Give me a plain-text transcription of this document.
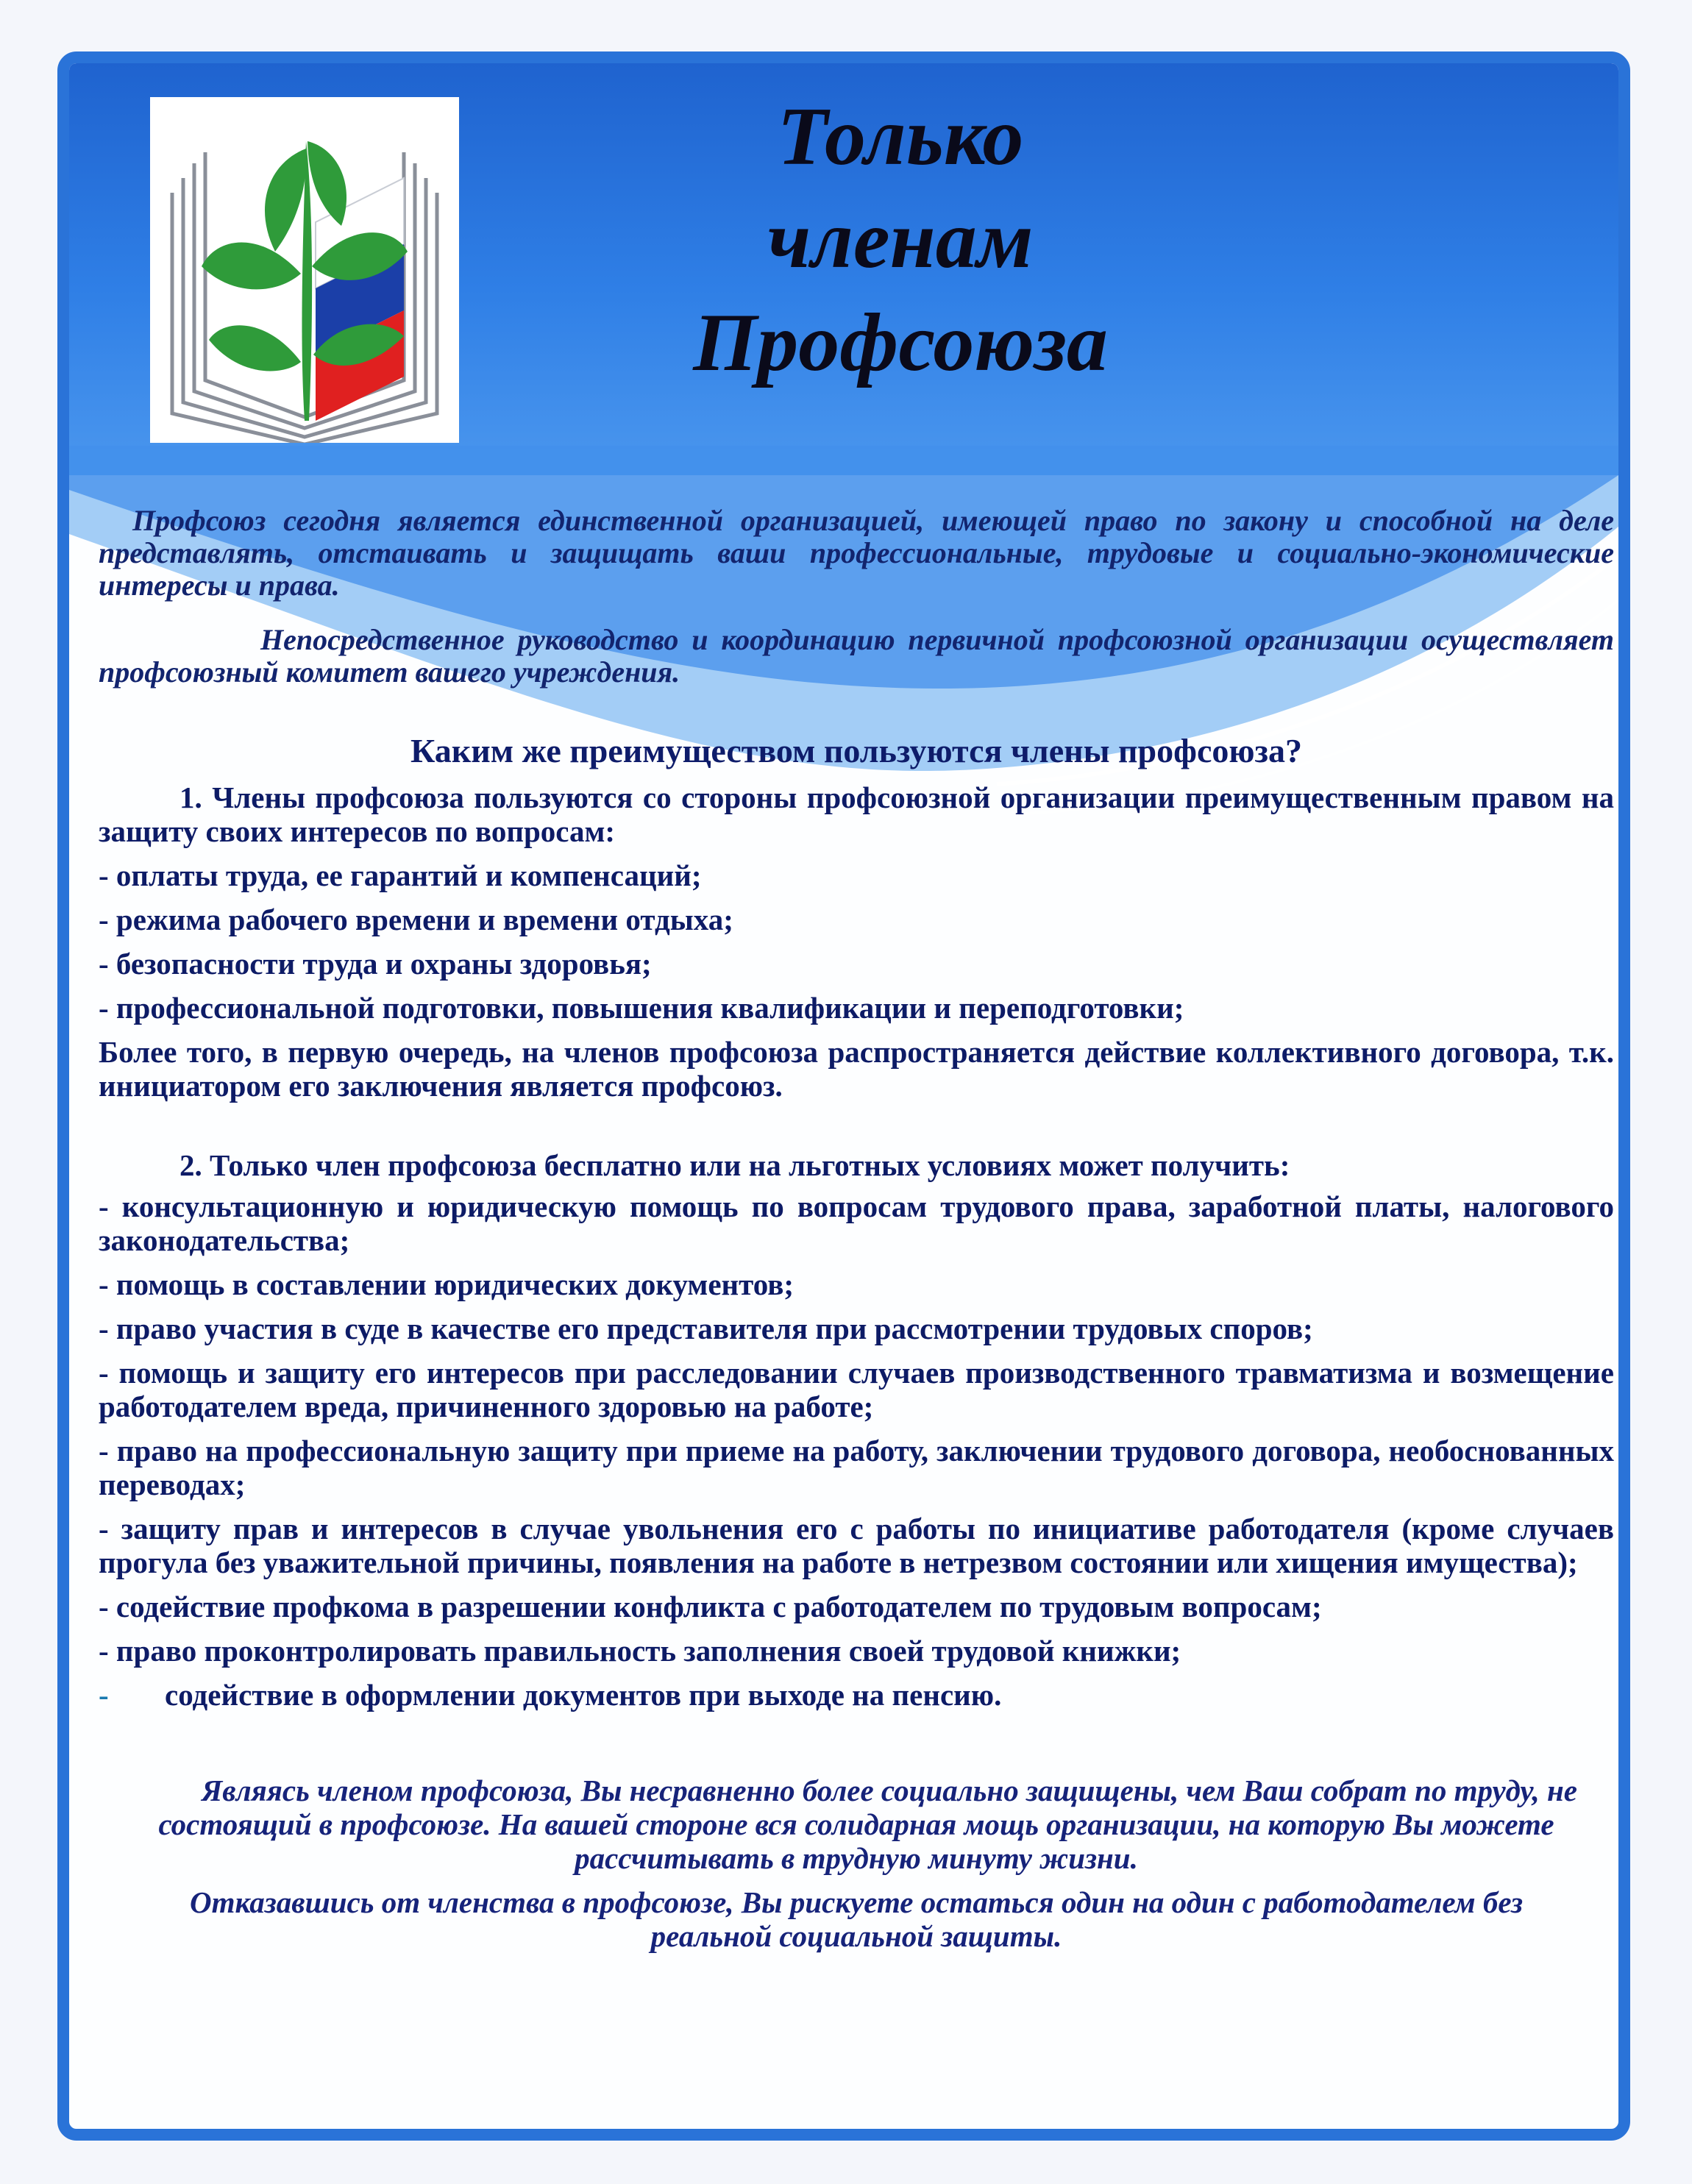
Только
членам
Профсоюза

Профсоюз сегодня является единственной организацией, имеющей право по закону и способной на деле представлять, отстаивать и защищать ваши профессиональные, трудовые и социально-экономические интересы и права.

Непосредственное руководство и координацию первичной профсоюзной организации осуществляет профсоюзный комитет вашего учреждения.

Каким же преимуществом пользуются члены профсоюза?

1. Члены профсоюза пользуются со стороны профсоюзной организации преимущественным правом на защиту своих интересов по вопросам:

- оплаты труда, ее гарантий и компенсаций;

- режима рабочего времени и времени отдыха;

- безопасности труда и охраны здоровья;

- профессиональной подготовки, повышения квалификации и переподготовки;

Более того, в первую очередь, на членов профсоюза распространяется действие коллективного договора, т.к. инициатором его заключения является профсоюз.

2. Только член профсоюза бесплатно или на льготных условиях может получить:

- консультационную и юридическую помощь по вопросам трудового права, заработной платы, налогового законодательства;

- помощь в составлении юридических документов;

- право участия в суде в качестве его представителя при рассмотрении трудовых споров;

- помощь и защиту его интересов при расследовании случаев производственного травматизма и возмещение работодателем вреда, причиненного здоровью на работе;

- право на профессиональную защиту при приеме на работу, заключении трудового договора, необоснованных переводах;

- защиту прав и интересов в случае увольнения его с работы по инициативе работодателя (кроме случаев прогула без уважительной причины, появления на работе в нетрезвом состоянии или хищения имущества);

- содействие профкома в разрешении конфликта с работодателем по трудовым вопросам;

- право проконтролировать правильность заполнения своей трудовой книжки;

- содействие в оформлении документов при выходе на пенсию.

Являясь членом профсоюза, Вы несравненно более социально защищены, чем Ваш собрат по труду, не состоящий в профсоюзе. На вашей стороне вся солидарная мощь организации, на которую Вы можете рассчитывать в трудную минуту жизни.

Отказавшись от членства в профсоюзе, Вы рискуете остаться один на один с работодателем без реальной социальной защиты.
